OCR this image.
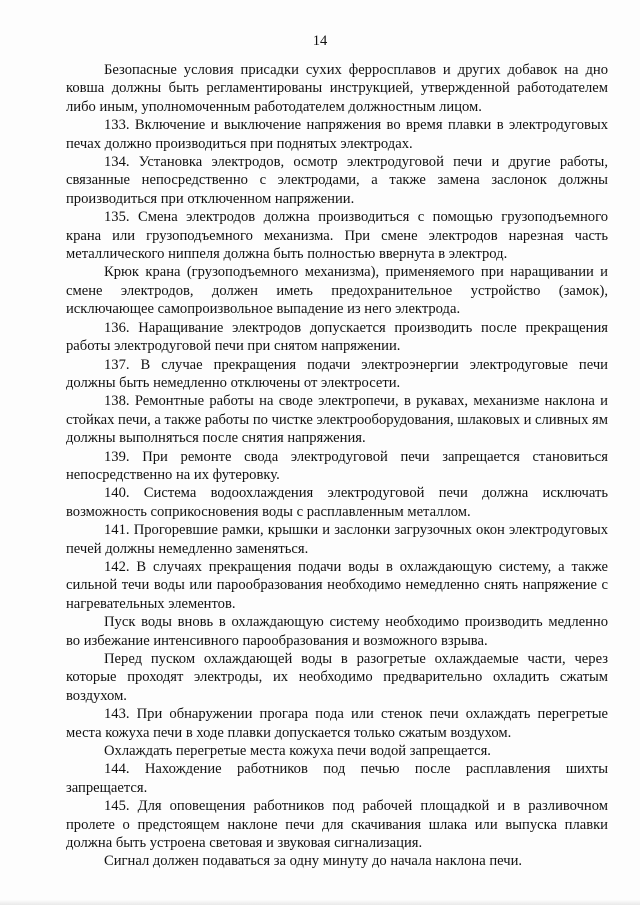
14

Безопасные условия присадки сухих ферросплавов и других добавок на дно ковша должны быть регламентированы инструкцией, утвержденной работодателем либо иным, уполномоченным работодателем должностным лицом.

133. Включение и выключение напряжения во время плавки в электродуговых печах должно производиться при поднятых электродах.

134. Установка электродов, осмотр электродуговой печи и другие работы, связанные непосредственно с электродами, а также замена заслонок должны производиться при отключенном напряжении.

135. Смена электродов должна производиться с помощью грузоподъемного крана или грузоподъемного механизма. При смене электродов нарезная часть металлического ниппеля должна быть полностью ввернута в электрод.

Крюк крана (грузоподъемного механизма), применяемого при наращивании и смене электродов, должен иметь предохранительное устройство (замок), исключающее самопроизвольное выпадение из него электрода.

136. Наращивание электродов допускается производить после прекращения работы электродуговой печи при снятом напряжении.

137. В случае прекращения подачи электроэнергии электродуговые печи должны быть немедленно отключены от электросети.

138. Ремонтные работы на своде электропечи, в рукавах, механизме наклона и стойках печи, а также работы по чистке электрооборудования, шлаковых и сливных ям должны выполняться после снятия напряжения.

139. При ремонте свода электродуговой печи запрещается становиться непосредственно на их футеровку.

140. Система водоохлаждения электродуговой печи должна исключать возможность соприкосновения воды с расплавленным металлом.

141. Прогоревшие рамки, крышки и заслонки загрузочных окон электродуговых печей должны немедленно заменяться.

142. В случаях прекращения подачи воды в охлаждающую систему, а также сильной течи воды или парообразования необходимо немедленно снять напряжение с нагревательных элементов.

Пуск воды вновь в охлаждающую систему необходимо производить медленно во избежание интенсивного парообразования и возможного взрыва.

Перед пуском охлаждающей воды в разогретые охлаждаемые части, через которые проходят электроды, их необходимо предварительно охладить сжатым воздухом.

143. При обнаружении прогара пода или стенок печи охлаждать перегретые места кожуха печи в ходе плавки допускается только сжатым воздухом.

Охлаждать перегретые места кожуха печи водой запрещается.

144. Нахождение работников под печью после расплавления шихты запрещается.

145. Для оповещения работников под рабочей площадкой и в разливочном пролете о предстоящем наклоне печи для скачивания шлака или выпуска плавки должна быть устроена световая и звуковая сигнализация.

Сигнал должен подаваться за одну минуту до начала наклона печи.
